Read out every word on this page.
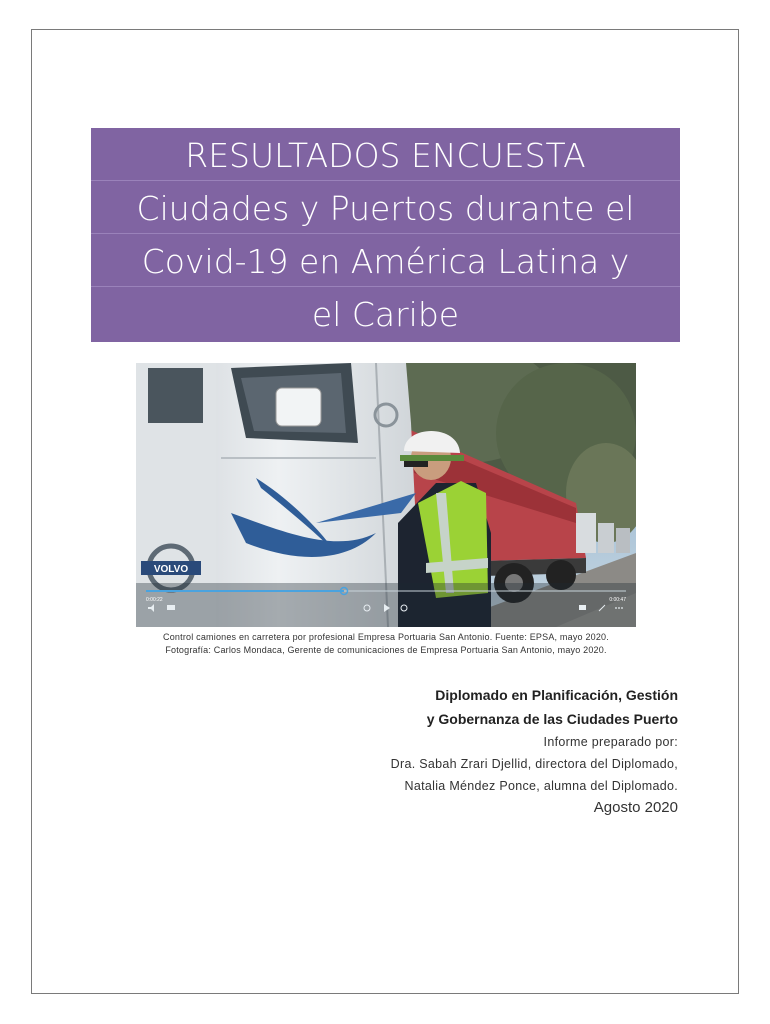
RESULTADOS ENCUESTA
Ciudades y Puertos durante el
Covid-19 en América Latina y
el Caribe
VOLVO
0:00:22	0:00:47
Control camiones en carretera por profesional Empresa Portuaria San Antonio. Fuente: EPSA, mayo 2020.
Fotografía: Carlos Mondaca, Gerente de comunicaciones de Empresa Portuaria San Antonio, mayo 2020.
Diplomado en Planificación, Gestión
y Gobernanza de las Ciudades Puerto
Informe preparado por:
Dra. Sabah Zrari Djellid, directora del Diplomado,
Natalia Méndez Ponce, alumna del Diplomado.
Agosto 2020
